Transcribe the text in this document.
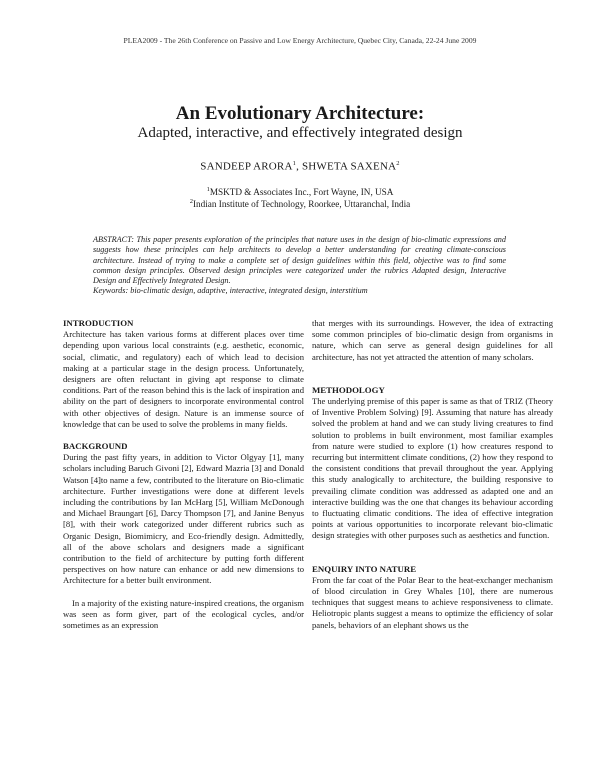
PLEA2009 - The 26th Conference on Passive and Low Energy Architecture, Quebec City, Canada, 22-24 June 2009
An Evolutionary Architecture:
Adapted, interactive, and effectively integrated design
SANDEEP ARORA$^1$, SHWETA SAXENA$^2$
$^1$MSKTD & Associates Inc., Fort Wayne, IN, USA
$^2$Indian Institute of Technology, Roorkee, Uttaranchal, India

ABSTRACT: This paper presents exploration of the principles that nature uses in the design of bio-climatic expressions and suggests how these principles can help architects to develop a better understanding for creating climate-conscious architecture. Instead of trying to make a complete set of design guidelines within this field, objective was to find some common design principles. Observed design principles were categorized under the rubrics Adapted design, Interactive Design and Effectively Integrated Design.

Keywords: bio-climatic design, adaptive, interactive, integrated design, interstitium

INTRODUCTION

Architecture has taken various forms at different places over time depending upon various local constraints (e.g. aesthetic, economic, social, climatic, and regulatory) each of which lead to decision making at a particular stage in the design process. Unfortunately, designers are often reluctant in giving apt response to climate conditions. Part of the reason behind this is the lack of inspiration and ability on the part of designers to incorporate environmental control with other objectives of design. Nature is an immense source of knowledge that can be used to solve the problems in many fields.

BACKGROUND

During the past fifty years, in addition to Victor Olgyay [1], many scholars including Baruch Givoni [2], Edward Mazria [3] and Donald Watson [4]to name a few, contributed to the literature on Bio-climatic architecture. Further investigations were done at different levels including the contributions by Ian McHarg [5], William McDonough and Michael Braungart [6], Darcy Thompson [7], and Janine Benyus [8], with their work categorized under different rubrics such as Organic Design, Biomimicry, and Eco-friendly design. Admittedly, all of the above scholars and designers made a significant contribution to the field of architecture by putting forth different perspectives on how nature can enhance or add new dimensions to Architecture for a better built environment.

In a majority of the existing nature-inspired creations, the organism was seen as form giver, part of the ecological cycles, and/or sometimes as an expression

that merges with its surroundings. However, the idea of extracting some common principles of bio-climatic design from organisms in nature, which can serve as general design guidelines for all architecture, has not yet attracted the attention of many scholars.

METHODOLOGY

The underlying premise of this paper is same as that of TRIZ (Theory of Inventive Problem Solving) [9]. Assuming that nature has already solved the problem at hand and we can study living creatures to find solution to problems in built environment, most familiar examples from nature were studied to explore (1) how creatures respond to recurring but intermittent climate conditions, (2) how they respond to the consistent conditions that prevail throughout the year. Applying this study analogically to architecture, the building responsive to prevailing climate condition was addressed as adapted one and an interactive building was the one that changes its behaviour according to fluctuating climatic conditions. The idea of effective integration points at various opportunities to incorporate relevant bio-climatic design strategies with other purposes such as aesthetics and function.

ENQUIRY INTO NATURE

From the far coat of the Polar Bear to the heat-exchanger mechanism of blood circulation in Grey Whales [10], there are numerous techniques that suggest means to achieve responsiveness to climate. Heliotropic plants suggest a means to optimize the efficiency of solar panels, behaviors of an elephant shows us the
